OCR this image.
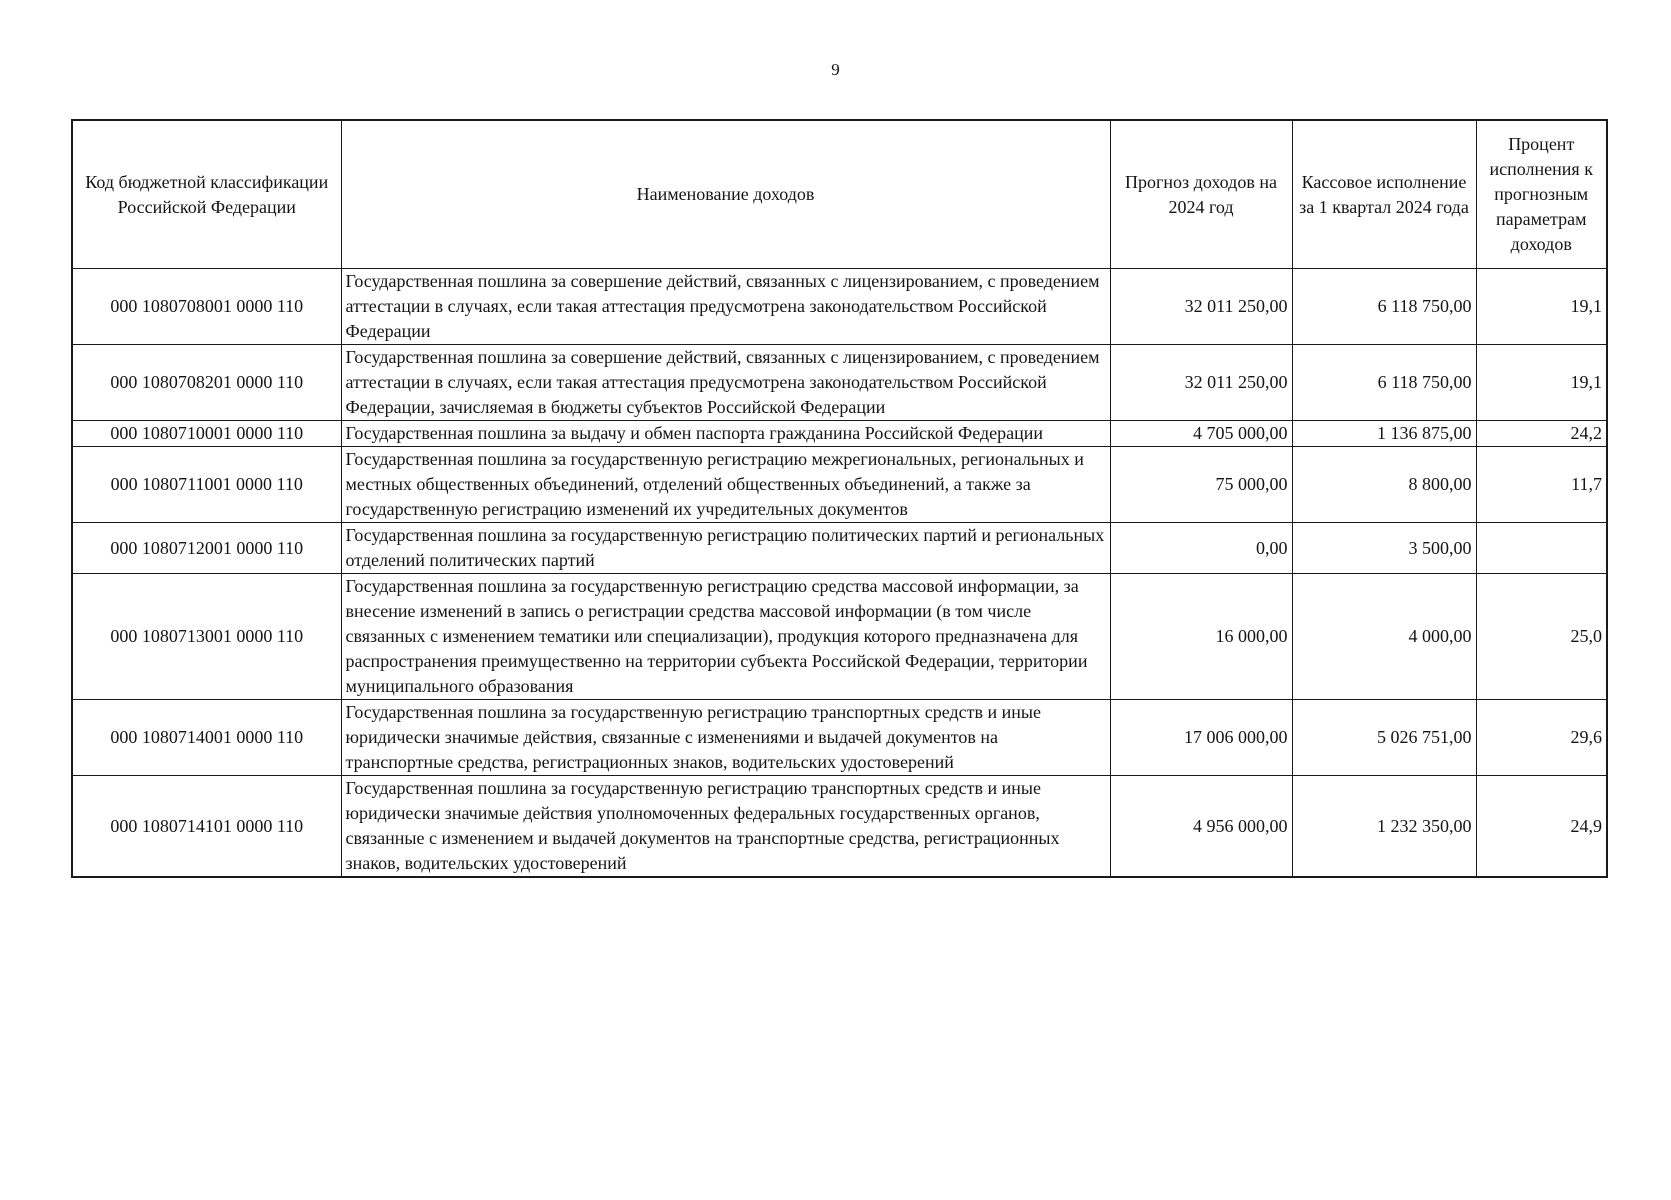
9
Код бюджетной классификации Российской Федерации	Наименование доходов	Прогноз доходов на 2024 год	Кассовое исполнение за 1 квартал 2024 года	Процент исполнения к прогнозным параметрам доходов
000 1080708001 0000 110	Государственная пошлина за совершение действий, связанных с лицензированием, с проведением аттестации в случаях, если такая аттестация предусмотрена законодательством Российской Федерации	32 011 250,00	6 118 750,00	19,1
000 1080708201 0000 110	Государственная пошлина за совершение действий, связанных с лицензированием, с проведением аттестации в случаях, если такая аттестация предусмотрена законодательством Российской Федерации, зачисляемая в бюджеты субъектов Российской Федерации	32 011 250,00	6 118 750,00	19,1
000 1080710001 0000 110	Государственная пошлина за выдачу и обмен паспорта гражданина Российской Федерации	4 705 000,00	1 136 875,00	24,2
000 1080711001 0000 110	Государственная пошлина за государственную регистрацию межрегиональных, региональных и местных общественных объединений, отделений общественных объединений, а также за государственную регистрацию изменений их учредительных документов	75 000,00	8 800,00	11,7
000 1080712001 0000 110	Государственная пошлина за государственную регистрацию политических партий и региональных отделений политических партий	0,00	3 500,00	
000 1080713001 0000 110	Государственная пошлина за государственную регистрацию средства массовой информации, за внесение изменений в запись о регистрации средства массовой информации (в том числе связанных с изменением тематики или специализации), продукция которого предназначена для распространения преимущественно на территории субъекта Российской Федерации, территории муниципального образования	16 000,00	4 000,00	25,0
000 1080714001 0000 110	Государственная пошлина за государственную регистрацию транспортных средств и иные юридически значимые действия, связанные с изменениями и выдачей документов на транспортные средства, регистрационных знаков, водительских удостоверений	17 006 000,00	5 026 751,00	29,6
000 1080714101 0000 110	Государственная пошлина за государственную регистрацию транспортных средств и иные юридически значимые действия уполномоченных федеральных государственных органов, связанные с изменением и выдачей документов на транспортные средства, регистрационных знаков, водительских удостоверений	4 956 000,00	1 232 350,00	24,9
